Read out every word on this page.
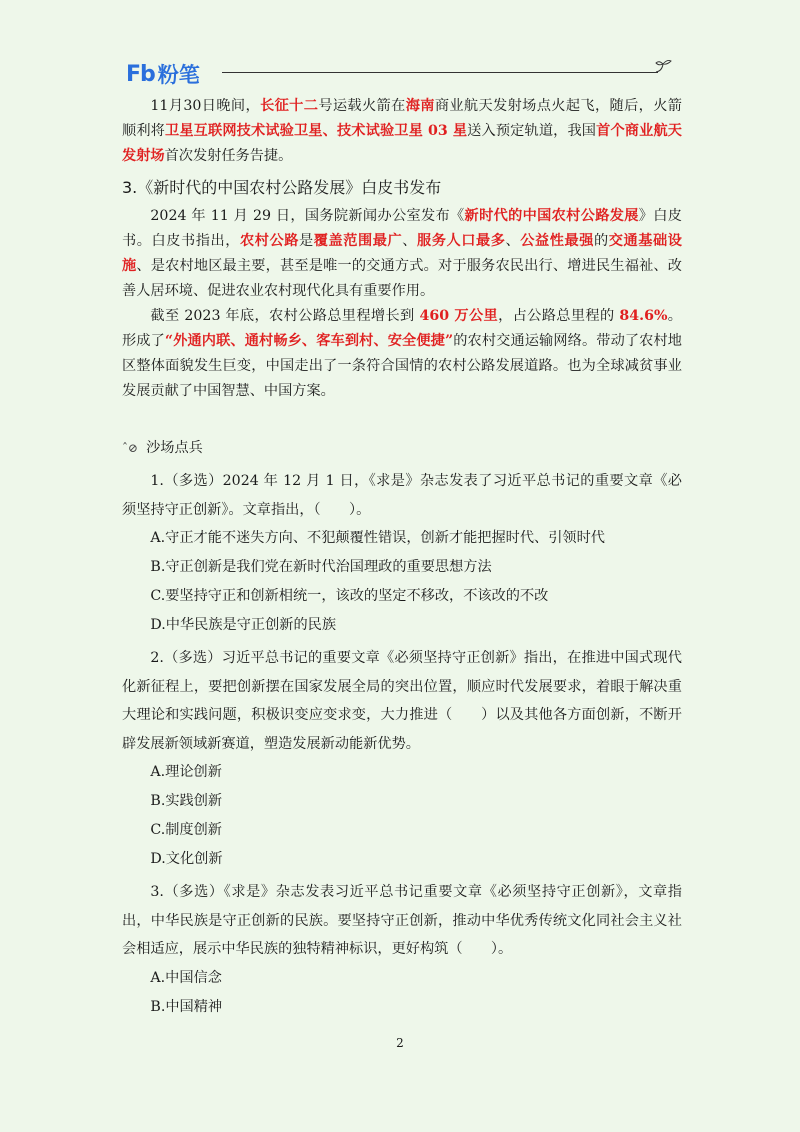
Fb 粉笔

11月30日晚间，长征十二号运载火箭在海南商业航天发射场点火起飞，随后，火箭顺利将卫星互联网技术试验卫星、技术试验卫星 03 星送入预定轨道，我国首个商业航天发射场首次发射任务告捷。

3.《新时代的中国农村公路发展》白皮书发布

2024 年 11 月 29 日，国务院新闻办公室发布《新时代的中国农村公路发展》白皮书。白皮书指出，农村公路是覆盖范围最广、服务人口最多、公益性最强的交通基础设施、是农村地区最主要，甚至是唯一的交通方式。对于服务农民出行、增进民生福祉、改善人居环境、促进农业农村现代化具有重要作用。

截至 2023 年底，农村公路总里程增长到 460 万公里，占公路总里程的 84.6%。形成了“外通内联、通村畅乡、客车到村、安全便捷”的农村交通运输网络。带动了农村地区整体面貌发生巨变，中国走出了一条符合国情的农村公路发展道路。也为全球减贫事业发展贡献了中国智慧、中国方案。

ˆ⊘ 沙场点兵

1.（多选）2024 年 12 月 1 日，《求是》杂志发表了习近平总书记的重要文章《必须坚持守正创新》。文章指出，（　　）。

A.守正才能不迷失方向、不犯颠覆性错误，创新才能把握时代、引领时代

B.守正创新是我们党在新时代治国理政的重要思想方法

C.要坚持守正和创新相统一，该改的坚定不移改，不该改的不改

D.中华民族是守正创新的民族

2.（多选）习近平总书记的重要文章《必须坚持守正创新》指出，在推进中国式现代化新征程上，要把创新摆在国家发展全局的突出位置，顺应时代发展要求，着眼于解决重大理论和实践问题，积极识变应变求变，大力推进（　　）以及其他各方面创新，不断开辟发展新领域新赛道，塑造发展新动能新优势。

A.理论创新

B.实践创新

C.制度创新

D.文化创新

3.（多选）《求是》杂志发表习近平总书记重要文章《必须坚持守正创新》，文章指出，中华民族是守正创新的民族。要坚持守正创新，推动中华优秀传统文化同社会主义社会相适应，展示中华民族的独特精神标识，更好构筑（　　）。

A.中国信念

B.中国精神

2
